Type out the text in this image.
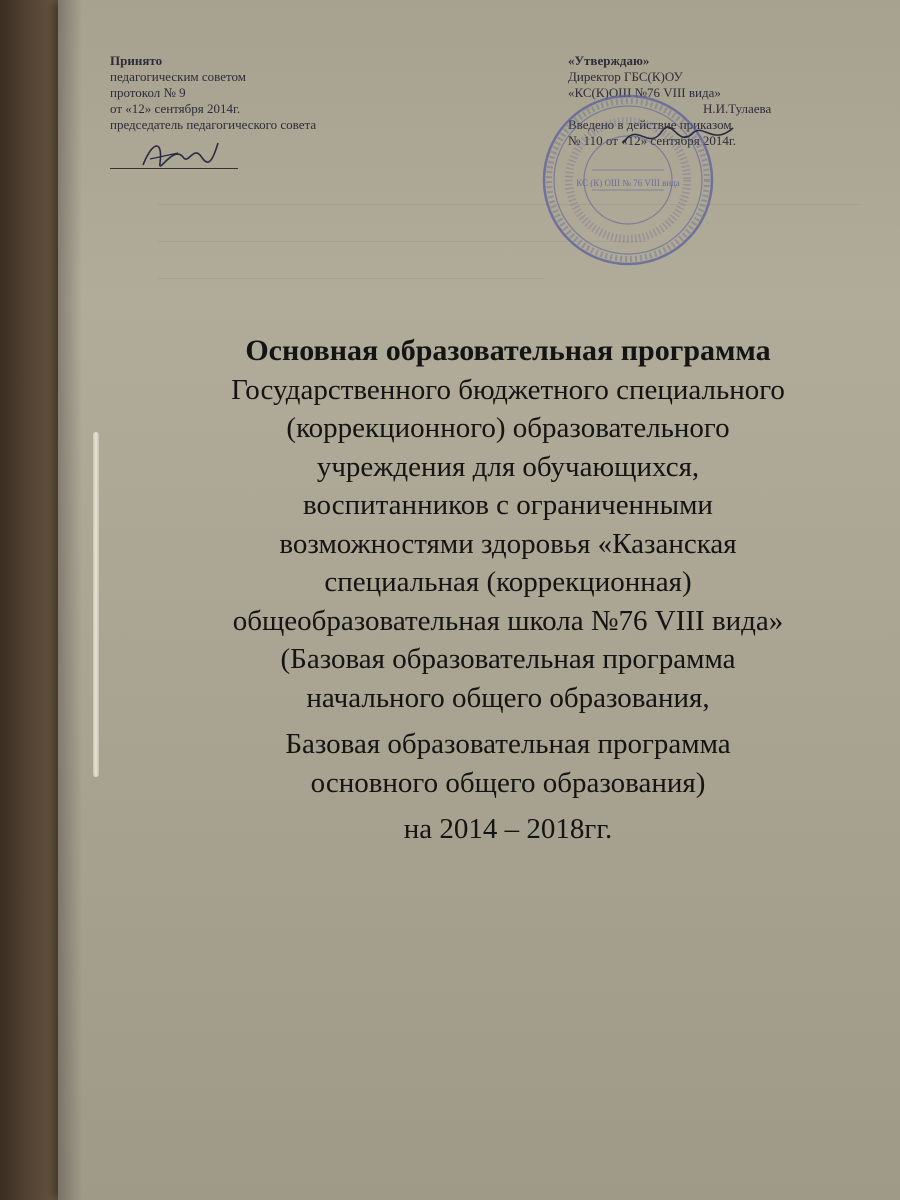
Принято
педагогическим советом
протокол № 9
от «12» сентября 2014г.
председатель педагогического совета
«Утверждаю»
Директор ГБС(К)ОУ
«КС(К)ОШ №76 VIII вида»
Н.И.Тулаева
Введено в действие приказом
№ 110 от «12» сентября 2014г.
КС (К) ОШ № 76 VIII вида
Основная образовательная программа
Государственного бюджетного специального
(коррекционного) образовательного
учреждения для обучающихся,
воспитанников с ограниченными
возможностями здоровья «Казанская
специальная (коррекционная)
общеобразовательная школа №76 VIII вида»
(Базовая образовательная программа
начального общего образования,
Базовая образовательная программа
основного общего образования)
на 2014 – 2018гг.
